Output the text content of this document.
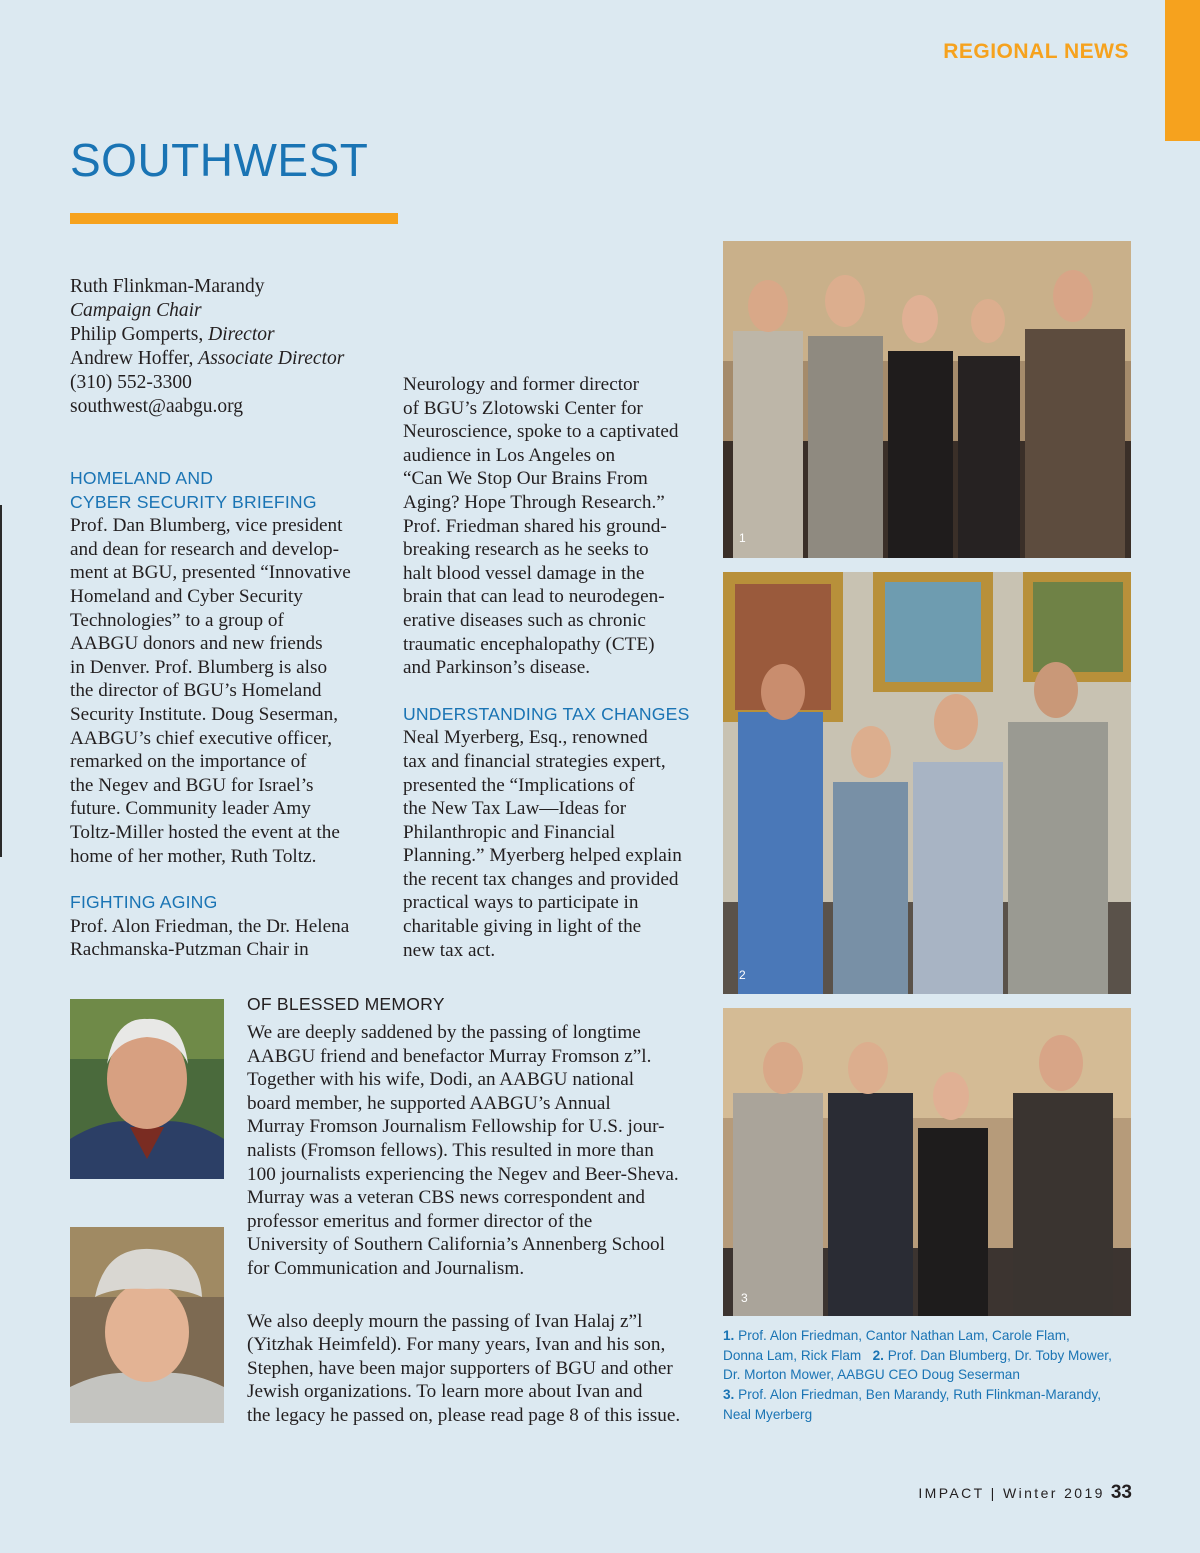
REGIONAL NEWS
SOUTHWEST
Ruth Flinkman-Marandy
Campaign Chair
Philip Gomperts, Director
Andrew Hoffer, Associate Director
(310) 552-3300
southwest@aabgu.org
HOMELAND AND
CYBER SECURITY BRIEFING
Prof. Dan Blumberg, vice president
and dean for research and develop-
ment at BGU, presented “Innovative
Homeland and Cyber Security
Technologies” to a group of
AABGU donors and new friends
in Denver. Prof. Blumberg is also
the director of BGU’s Homeland
Security Institute. Doug Seserman,
AABGU’s chief executive officer,
remarked on the importance of
the Negev and BGU for Israel’s
future. Community leader Amy
Toltz-Miller hosted the event at the
home of her mother, Ruth Toltz.
FIGHTING AGING
Prof. Alon Friedman, the Dr. Helena
Rachmanska-Putzman Chair in
Neurology and former director
of BGU’s Zlotowski Center for
Neuroscience, spoke to a captivated
audience in Los Angeles on
“Can We Stop Our Brains From
Aging? Hope Through Research.”
Prof. Friedman shared his ground-
breaking research as he seeks to
halt blood vessel damage in the
brain that can lead to neurodegen-
erative diseases such as chronic
traumatic encephalopathy (CTE)
and Parkinson’s disease.
UNDERSTANDING TAX CHANGES
Neal Myerberg, Esq., renowned
tax and financial strategies expert,
presented the “Implications of
the New Tax Law—Ideas for
Philanthropic and Financial
Planning.” Myerberg helped explain
the recent tax changes and provided
practical ways to participate in
charitable giving in light of the
new tax act.
OF BLESSED MEMORY
We are deeply saddened by the passing of longtime
AABGU friend and benefactor Murray Fromson z”l.
Together with his wife, Dodi, an AABGU national
board member, he supported AABGU’s Annual
Murray Fromson Journalism Fellowship for U.S. jour-
nalists (Fromson fellows). This resulted in more than
100 journalists experiencing the Negev and Beer-Sheva.
Murray was a veteran CBS news correspondent and
professor emeritus and former director of the
University of Southern California’s Annenberg School
for Communication and Journalism.
We also deeply mourn the passing of Ivan Halaj z”l
(Yitzhak Heimfeld). For many years, Ivan and his son,
Stephen, have been major supporters of BGU and other
Jewish organizations. To learn more about Ivan and
the legacy he passed on, please read page 8 of this issue.
1
2
3
1. Prof. Alon Friedman, Cantor Nathan Lam, Carole Flam,
Donna Lam, Rick Flam 2. Prof. Dan Blumberg, Dr. Toby Mower,
Dr. Morton Mower, AABGU CEO Doug Seserman
3. Prof. Alon Friedman, Ben Marandy, Ruth Flinkman-Marandy,
Neal Myerberg
IMPACT | Winter 2019 33
